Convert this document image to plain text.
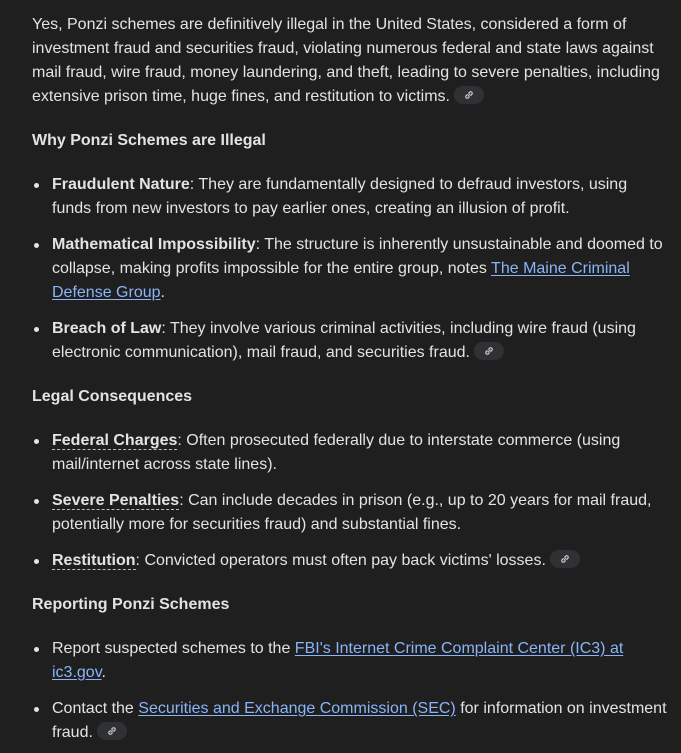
Yes, Ponzi schemes are definitively illegal in the United States, considered a form of investment fraud and securities fraud, violating numerous federal and state laws against mail fraud, wire fraud, money laundering, and theft, leading to severe penalties, including extensive prison time, huge fines, and restitution to victims.

Why Ponzi Schemes are Illegal
Fraudulent Nature: They are fundamentally designed to defraud investors, using funds from new investors to pay earlier ones, creating an illusion of profit.
Mathematical Impossibility: The structure is inherently unsustainable and doomed to collapse, making profits impossible for the entire group, notes The Maine Criminal Defense Group.
Breach of Law: They involve various criminal activities, including wire fraud (using electronic communication), mail fraud, and securities fraud.
Legal Consequences
Federal Charges: Often prosecuted federally due to interstate commerce (using mail/internet across state lines).
Severe Penalties: Can include decades in prison (e.g., up to 20 years for mail fraud, potentially more for securities fraud) and substantial fines.
Restitution: Convicted operators must often pay back victims' losses.
Reporting Ponzi Schemes
Report suspected schemes to the FBI's Internet Crime Complaint Center (IC3) at ic3.gov.
Contact the Securities and Exchange Commission (SEC) for information on investment fraud.
